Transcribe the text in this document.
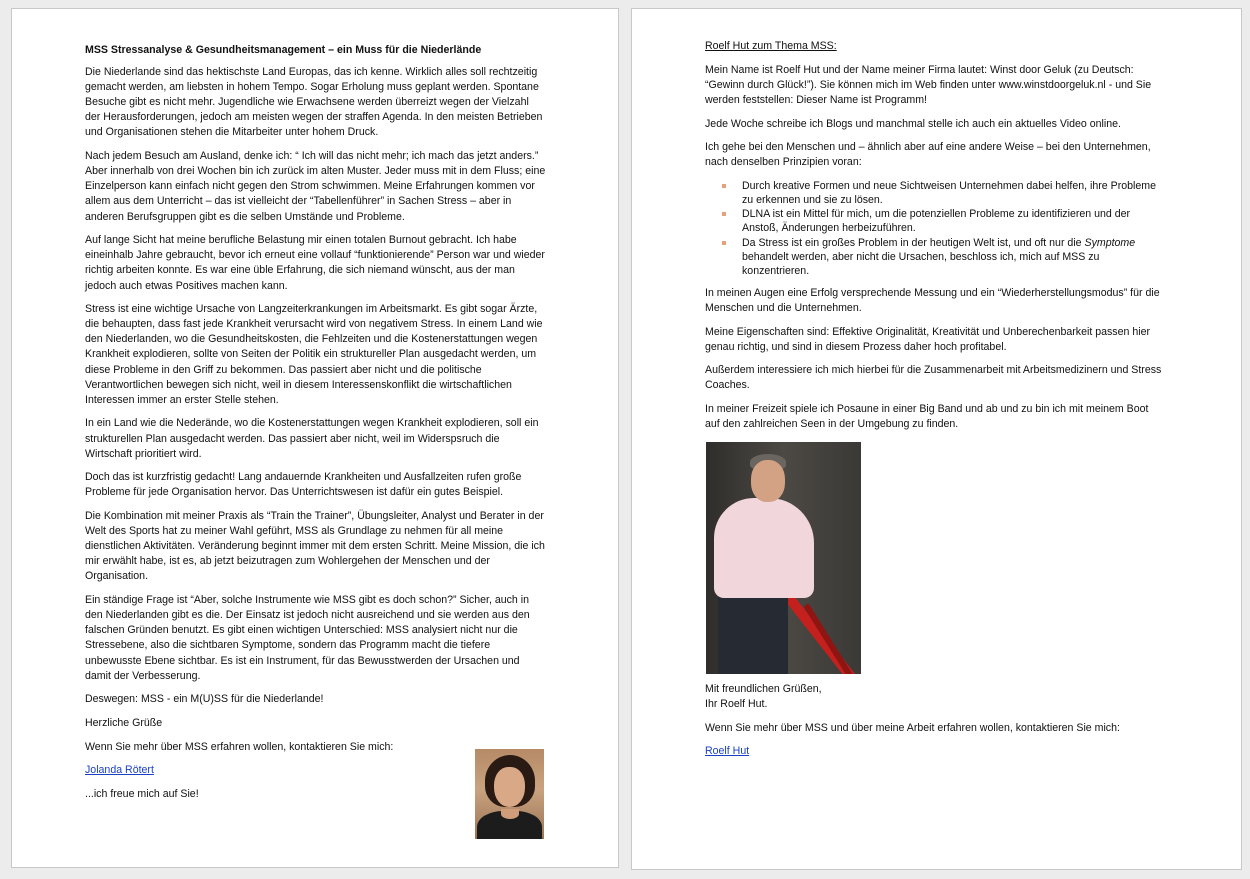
MSS Stressanalyse & Gesundheitsmanagement – ein Muss für die Niederlände

Die Niederlande sind das hektischste Land Europas, das ich kenne. Wirklich alles soll rechtzeitig gemacht werden, am liebsten in hohem Tempo. Sogar Erholung muss geplant werden. Spontane Besuche gibt es nicht mehr. Jugendliche wie Erwachsene werden überreizt wegen der Vielzahl der Herausforderungen, jedoch am meisten wegen der straffen Agenda. In den meisten Betrieben und Organisationen stehen die Mitarbeiter unter hohem Druck.

Nach jedem Besuch am Ausland, denke ich: “ Ich will das nicht mehr; ich mach das jetzt anders.” Aber innerhalb von drei Wochen bin ich zurück im alten Muster. Jeder muss mit in dem Fluss; eine Einzelperson kann einfach nicht gegen den Strom schwimmen. Meine Erfahrungen kommen vor allem aus dem Unterricht – das ist vielleicht der “Tabellenführer” in Sachen Stress – aber in anderen Berufsgruppen gibt es die selben Umstände und Probleme.

Auf lange Sicht hat meine berufliche Belastung mir einen totalen Burnout gebracht. Ich habe eineinhalb Jahre gebraucht, bevor ich erneut eine vollauf “funktionierende” Person war und wieder richtig arbeiten konnte. Es war eine üble Erfahrung, die sich niemand wünscht, aus der man jedoch auch etwas Positives machen kann.

Stress ist eine wichtige Ursache von Langzeiterkrankungen im Arbeitsmarkt. Es gibt sogar Ärzte, die behaupten, dass fast jede Krankheit verursacht wird von negativem Stress. In einem Land wie den Niederlanden, wo die Gesundheitskosten, die Fehlzeiten und die Kostenerstattungen wegen Krankheit explodieren, sollte von Seiten der Politik ein struktureller Plan ausgedacht werden, um diese Probleme in den Griff zu bekommen. Das passiert aber nicht und die politische Verantwortlichen bewegen sich nicht, weil in diesem Interessenskonflikt die wirtschaftlichen Interessen immer an erster Stelle stehen.

In ein Land wie die Nederände, wo die Kostenerstattungen wegen Krankheit explodieren, soll ein strukturellen Plan ausgedacht werden. Das passiert aber nicht, weil im Widerspsruch die Wirtschaft prioritiert wird.

Doch das ist kurzfristig gedacht! Lang andauernde Krankheiten und Ausfallzeiten rufen große Probleme für jede Organisation hervor. Das Unterrichtswesen ist dafür ein gutes Beispiel.

Die Kombination mit meiner Praxis als “Train the Trainer”, Übungsleiter, Analyst und Berater in der Welt des Sports hat zu meiner Wahl geführt, MSS als Grundlage zu nehmen für all meine dienstlichen Aktivitäten. Veränderung beginnt immer mit dem ersten Schritt. Meine Mission, die ich mir erwählt habe, ist es, ab jetzt beizutragen zum Wohlergehen der Menschen und der Organisation.

Ein ständige Frage ist “Aber, solche Instrumente wie MSS gibt es doch schon?” Sicher, auch in den Niederlanden gibt es die. Der Einsatz ist jedoch nicht ausreichend und sie werden aus den falschen Gründen benutzt. Es gibt einen wichtigen Unterschied: MSS analysiert nicht nur die Stressebene, also die sichtbaren Symptome, sondern das Programm macht die tiefere unbewusste Ebene sichtbar. Es ist ein Instrument, für das Bewusstwerden der Ursachen und damit der Verbesserung.

Deswegen: MSS - ein M(U)SS für die Niederlande!

Herzliche Grüße

Wenn Sie mehr über MSS erfahren wollen, kontaktieren Sie mich:

Jolanda Rötert

...ich freue mich auf Sie!

Roelf Hut zum Thema MSS:

Mein Name ist Roelf Hut und der Name meiner Firma lautet: Winst door Geluk (zu Deutsch: “Gewinn durch Glück!”). Sie können mich im Web finden unter www.winstdoorgeluk.nl - und Sie werden feststellen: Dieser Name ist Programm!

Jede Woche schreibe ich Blogs und manchmal stelle ich auch ein aktuelles Video online.

Ich gehe bei den Menschen und – ähnlich aber auf eine andere Weise – bei den Unternehmen, nach denselben Prinzipien voran:

Durch kreative Formen und neue Sichtweisen Unternehmen dabei helfen, ihre Probleme zu erkennen und sie zu lösen.
DLNA ist ein Mittel für mich, um die potenziellen Probleme zu identifizieren und der Anstoß, Änderungen herbeizuführen.
Da Stress ist ein großes Problem in der heutigen Welt ist, und oft nur die Symptome behandelt werden, aber nicht die Ursachen, beschloss ich, mich auf MSS zu konzentrieren.

In meinen Augen eine Erfolg versprechende Messung und ein “Wiederherstellungsmodus” für die Menschen und die Unternehmen.

Meine Eigenschaften sind: Effektive Originalität, Kreativität und Unberechenbarkeit passen hier genau richtig, und sind in diesem Prozess daher hoch profitabel.

Außerdem interessiere ich mich hierbei für die Zusammenarbeit mit Arbeitsmedizinern und Stress Coaches.

In meiner Freizeit spiele ich Posaune in einer Big Band und ab und zu bin ich mit meinem Boot auf den zahlreichen Seen in der Umgebung zu finden.

Mit freundlichen Grüßen,

Ihr Roelf Hut.

Wenn Sie mehr über MSS und über meine Arbeit erfahren wollen, kontaktieren Sie mich:

Roelf Hut
